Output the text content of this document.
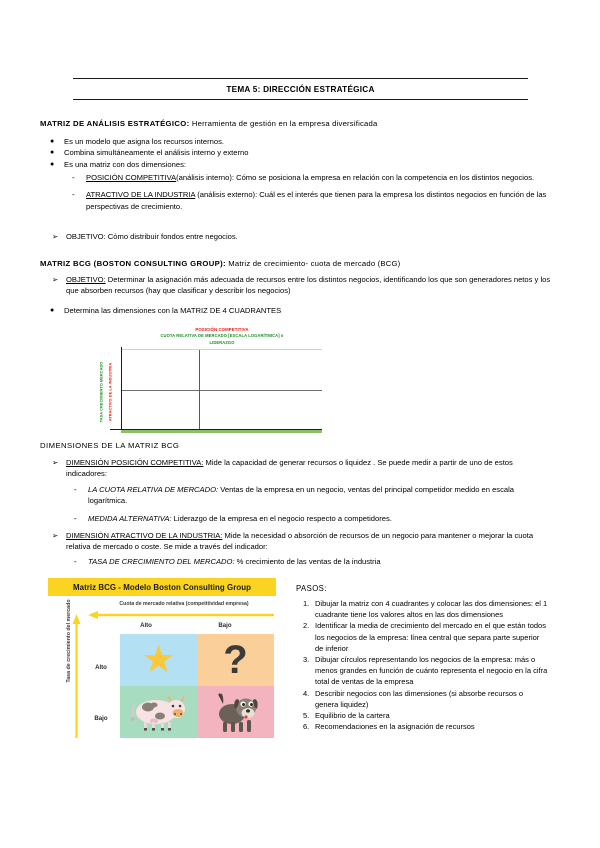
TEMA 5: DIRECCIÓN ESTRATÉGICA
MATRIZ DE ANÁLISIS ESTRATÉGICO: Herramienta de gestión en la empresa diversificada
●	Es un modelo que asigna los recursos internos.
●	Combina simultáneamente el análisis interno y externo
●	Es una matriz con dos dimensiones:
-	POSICIÓN COMPETITIVA(análisis interno): Cómo se posiciona la empresa en relación con la competencia en los distintos negocios.
-	ATRACTIVO DE LA INDUSTRIA (análisis externo): Cuál es el interés que tienen para la empresa los distintos negocios en función de las perspectivas de crecimiento.
➢	OBJETIVO: Cómo distribuir fondos entre negocios.
MATRIZ BCG (BOSTON CONSULTING GROUP): Matriz de crecimiento- cuota de mercado (BCG)
➢	OBJETIVO: Determinar la asignación más adecuada de recursos entre los distintos negocios, identificando los que son generadores netos y los que absorben recursos (hay que clasificar y describir los negocios)
●	Determina las dimensiones con la MATRIZ DE 4 CUADRANTES
POSICIÓN COMPETITIVA
CUOTA RELATIVA DE MERCADO [ESCALA LOGARÍTMICA] o
LIDERAZGO
ATRACTIVO DE LA INDUSTRIA
TASA CRECIMIENTO MERCADO
DIMENSIONES DE LA MATRIZ BCG
➢	DIMENSIÓN POSICIÓN COMPETITIVA: Mide la capacidad de generar recursos o liquidez . Se puede medir a partir de uno de estos indicadores:
-	LA CUOTA RELATIVA DE MERCADO: Ventas de la empresa en un negocio, ventas del principal competidor medido en escala logarítmica.
-	MEDIDA ALTERNATIVA: Liderazgo de la empresa en el negocio respecto a competidores.
➢	DIMENSIÓN ATRACTIVO DE LA INDUSTRIA: Mide la necesidad o absorción de recursos de un negocio para mantener o mejorar la cuota relativa de mercado o coste. Se mide a través del indicador:
-	TASA DE CRECIMIENTO DEL MERCADO: % crecimiento de las ventas de la industria
Matriz BCG - Modelo Boston Consulting Group
Cuota de mercado relativa (competitividad empresa)
Tasa de crecimiento del mercado	Alto	Bajo
Alto
Bajo
★ ?
PASOS:
1. Dibujar la matriz con 4 cuadrantes y colocar las dos dimensiones: el 1 cuadrante tiene los valores altos en las dos dimensiones
2. Identificar la media de crecimiento del mercado en el que están todos los negocios de la empresa: línea central que separa parte superior de inferior
3. Dibujar círculos representando los negocios de la empresa: más o menos grandes en función de cuánto representa el negocio en la cifra total de ventas de la empresa
4. Describir negocios con las dimensiones (si absorbe recursos o genera liquidez)
5. Equilibrio de la cartera
6. Recomendaciones en la asignación de recursos
